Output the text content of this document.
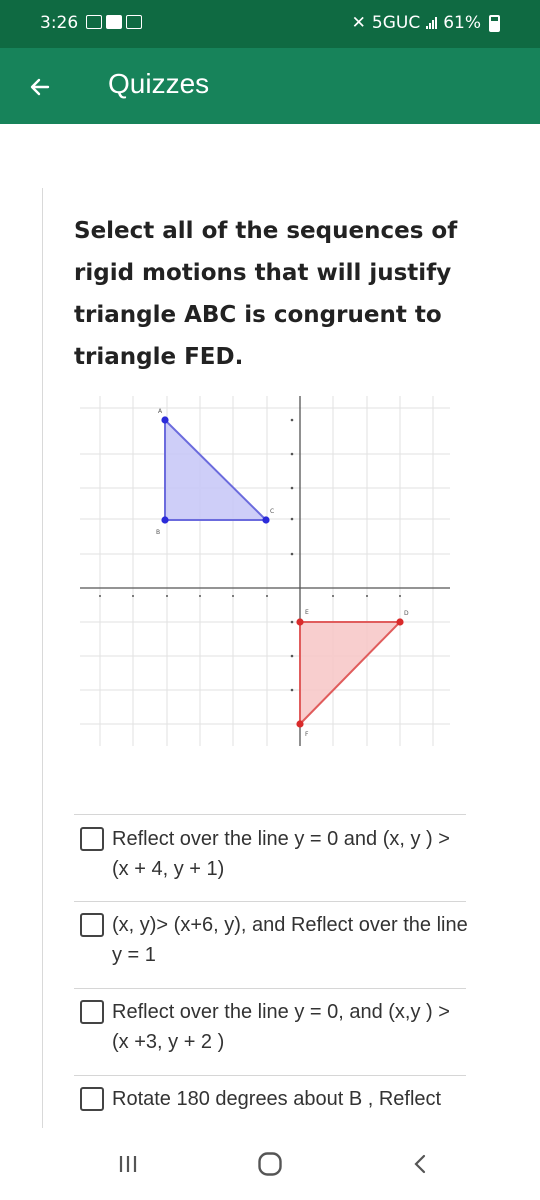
3:26	✕ 5GUC 61%
Quizzes
Select all of the sequences of
rigid motions that will justify
triangle ABC is congruent to
triangle FED.
A
B
C
D
E
F
Reflect over the line y = 0 and (x, y ) > (x + 4, y + 1)
(x, y)> (x+6, y), and Reflect over the line y = 1
Reflect over the line y = 0, and (x,y ) > (x +3, y + 2 )
Rotate 180 degrees about B , Reflect
